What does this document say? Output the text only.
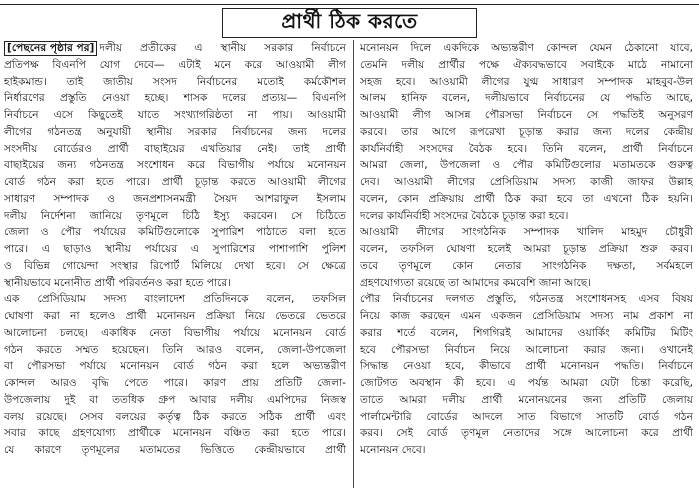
প্রার্থী ঠিক করতে
[পেছনের পৃষ্ঠার পর] দলীয় প্রতীকের এ স্থানীয় সরকার নির্বাচনে
প্রতিপক্ষ বিএনপি যোগ দেবে— এটাই মনে করে আওয়ামী লীগ
হাইকমান্ড। তাই জাতীয় সংসদ নির্বাচনের মতোই কর্মকৌশল
নির্ধারণের প্রস্তুতি নেওয়া হচ্ছে। শাসক দলের প্রত্যয়— বিএনপি
নির্বাচনে এসে কিছুতেই যাতে সংখ্যাগরিষ্ঠতা না পায়। আওয়ামী
লীগের গঠনতন্ত্র অনুযায়ী স্থানীয় সরকার নির্বাচনের জন্য দলের
সংসদীয় বোর্ডেরও প্রার্থী বাছাইয়ের এখতিয়ার নেই। তাই প্রার্থী
বাছাইয়ের জন্য গঠনতন্ত্র সংশোধন করে বিভাগীয় পর্যায়ে মনোনয়ন
বোর্ড গঠন করা হতে পারে। প্রার্থী চূড়ান্ত করতে আওয়ামী লীগের
সাধারণ সম্পাদক ও জনপ্রশাসনমন্ত্রী সৈয়দ আশরাফুল ইসলাম
দলীয় নির্দেশনা জানিয়ে তৃণমূলে চিঠি ইস্যু করবেন। সে চিঠিতে
জেলা ও পৌর পর্যায়ের কমিটিগুলোকে সুপারিশ পাঠাতে বলা হতে
পারে। এ ছাড়াও স্থানীয় পর্যায়ের এ সুপারিশের পাশাপাশি পুলিশ
ও বিভিন্ন গোয়েন্দা সংস্থার রিপোর্ট মিলিয়ে দেখা হবে। সে ক্ষেত্রে
স্থানীয়ভাবে মনোনীত প্রার্থী পরিবর্তনও করা হতে পারে।
এক প্রেসিডিয়াম সদস্য বাংলাদেশ প্রতিদিনকে বলেন, তফসিল
ঘোষণা করা না হলেও প্রার্থী মনোনয়ন প্রক্রিয়া নিয়ে ভেতরে ভেতরে
আলোচনা চলছে। একাধিক নেতা বিভাগীয় পর্যায়ে মনোনয়ন বোর্ড
গঠন করতে সম্মত হয়েছেন। তিনি আরও বলেন, জেলা-উপজেলা
বা পৌরসভা পর্যায়ে মনোনয়ন বোর্ড গঠন করা হলে অভ্যন্তরীণ
কোন্দল আরও বৃদ্ধি পেতে পারে। কারণ প্রায় প্রতিটি জেলা-
উপজেলায় দুই বা ততধিক গ্রুপ আবার দলীয় এমপিদের নিজস্ব
বলয় রয়েছে। সেসব বলয়ের কর্তৃত্ব ঠিক করতে সঠিক প্রার্থী এবং
সবার কাছে গ্রহণযোগ্য প্রার্থীকে মনোনয়ন বঞ্চিত করা হতে পারে।
যে কারণে তৃণমূলের মতামতের ভিত্তিতে কেন্দ্রীয়ভাবে প্রার্থী
মনোনয়ন দিলে একদিকে অভ্যন্তরীণ কোন্দল যেমন ঠেকানো যাবে,
তেমনি দলীয় প্রার্থীর পক্ষে ঐক্যবদ্ধভাবে সবাইকে মাঠে নামানো
সহজ হবে। আওয়ামী লীগের যুগ্ম সাধারণ সম্পাদক মাহবুব-উল
আলম হানিফ বলেন, দলীয়ভাবে নির্বাচনের যে পদ্ধতি আছে,
আওয়ামী লীগ আসন্ন পৌরসভা নির্বাচনে সে পদ্ধতিই অনুসরণ
করবে। তার আগে রূপরেখা চূড়ান্ত করার জন্য দলের কেন্দ্রীয়
কার্যনির্বাহী সংসদের বৈঠক হবে। তিনি বলেন, প্রার্থী নির্বাচনে
আমরা জেলা, উপজেলা ও পৌর কমিটিগুলোর মতামতকে গুরুত্ব
দেব। আওয়ামী লীগের প্রেসিডিয়াম সদস্য কাজী জাফর উল্লাহ
বলেন, কোন প্রক্রিয়ায় প্রার্থী ঠিক করা হবে তা এখনো ঠিক হয়নি।
দলের কার্যনির্বাহী সংসদের বৈঠকে চূড়ান্ত করা হবে।
আওয়ামী লীগের সাংগঠনিক সম্পাদক খালিদ মাহমুদ চৌধুরী
বলেন, তফসিল ঘোষণা হলেই আমরা চূড়ান্ত প্রক্রিয়া শুরু করব।
তবে তৃণমূলে কোন নেতার সাংগঠনিক দক্ষতা, সর্বমহলে
গ্রহণযোগ্যতা রয়েছে তা আমাদের কমবেশি জানা আছে।
পৌর নির্বাচনের দলগত প্রস্তুতি, গঠনতন্ত্র সংশোধনসহ এসব বিষয়
নিয়ে কাজ করছেন এমন একজন প্রেসিডিয়াম সদস্য নাম প্রকাশ না
করার শর্তে বলেন, শিগগিরই আমাদের ওয়ার্কিং কমিটির মিটিং
হবে পৌরসভা নির্বাচন নিয়ে আলোচনা করার জন্য। ওখানেই
সিদ্ধান্ত নেওয়া হবে, কীভাবে প্রার্থী মনোনয়ন পদ্ধতি। নির্বাচনে
জোটগত অবস্থান কী হবে। এ পর্যন্ত আমরা যেটা চিন্তা করেছি,
তাতে আমরা দলীয় প্রার্থী মনোনয়নের জন্য প্রতিটি জেলায়
পার্লামেন্টারি বোর্ডের আদলে সাত বিভাগে সাতটি বোর্ড গঠন
করব। সেই বোর্ড তৃণমূল নেতাদের সঙ্গে আলোচনা করে প্রার্থী
মনোনয়ন দেবে।
